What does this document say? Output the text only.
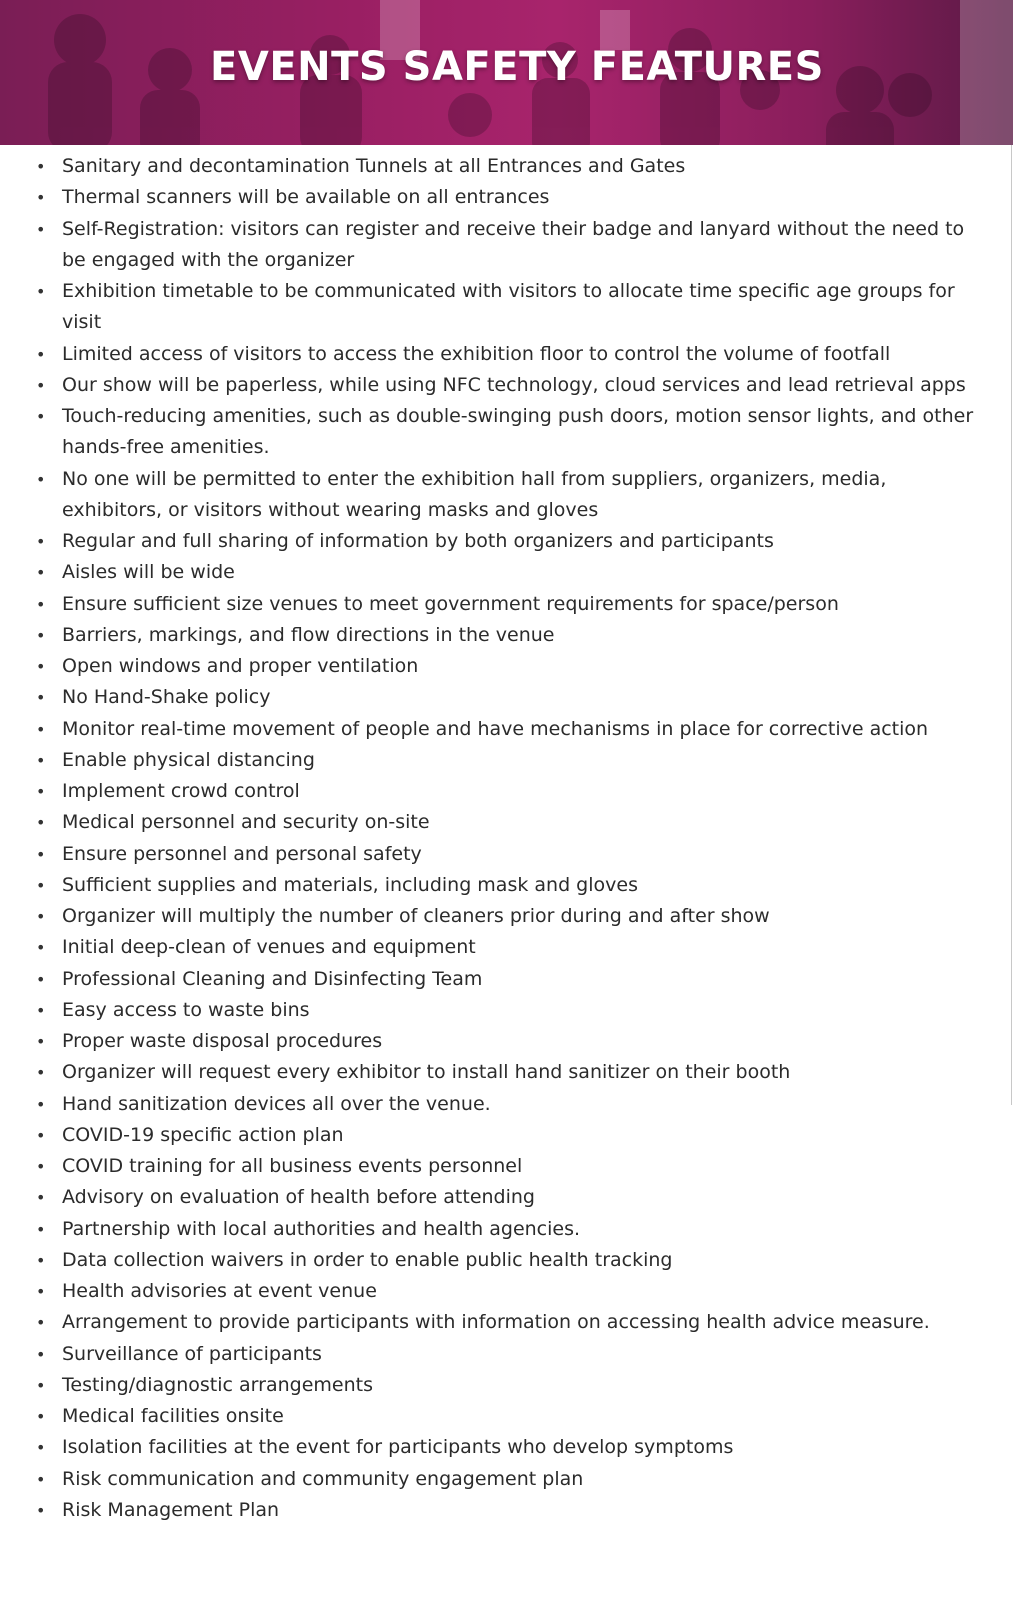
EVENTS SAFETY FEATURES
• Sanitary and decontamination Tunnels at all Entrances and Gates
• Thermal scanners will be available on all entrances
• Self-Registration: visitors can register and receive their badge and lanyard without the need to be engaged with the organizer
• Exhibition timetable to be communicated with visitors to allocate time specific age groups for visit
• Limited access of visitors to access the exhibition floor to control the volume of footfall
• Our show will be paperless, while using NFC technology, cloud services and lead retrieval apps
• Touch-reducing amenities, such as double-swinging push doors, motion sensor lights, and other hands-free amenities.
• No one will be permitted to enter the exhibition hall from suppliers, organizers, media, exhibitors, or visitors without wearing masks and gloves
• Regular and full sharing of information by both organizers and participants
• Aisles will be wide
• Ensure sufficient size venues to meet government requirements for space/person
• Barriers, markings, and flow directions in the venue
• Open windows and proper ventilation
• No Hand-Shake policy
• Monitor real-time movement of people and have mechanisms in place for corrective action
• Enable physical distancing
• Implement crowd control
• Medical personnel and security on-site
• Ensure personnel and personal safety
• Sufficient supplies and materials, including mask and gloves
• Organizer will multiply the number of cleaners prior during and after show
• Initial deep-clean of venues and equipment
• Professional Cleaning and Disinfecting Team
• Easy access to waste bins
• Proper waste disposal procedures
• Organizer will request every exhibitor to install hand sanitizer on their booth
• Hand sanitization devices all over the venue.
• COVID-19 specific action plan
• COVID training for all business events personnel
• Advisory on evaluation of health before attending
• Partnership with local authorities and health agencies.
• Data collection waivers in order to enable public health tracking
• Health advisories at event venue
• Arrangement to provide participants with information on accessing health advice measure.
• Surveillance of participants
• Testing/diagnostic arrangements
• Medical facilities onsite
• Isolation facilities at the event for participants who develop symptoms
• Risk communication and community engagement plan
• Risk Management Plan
